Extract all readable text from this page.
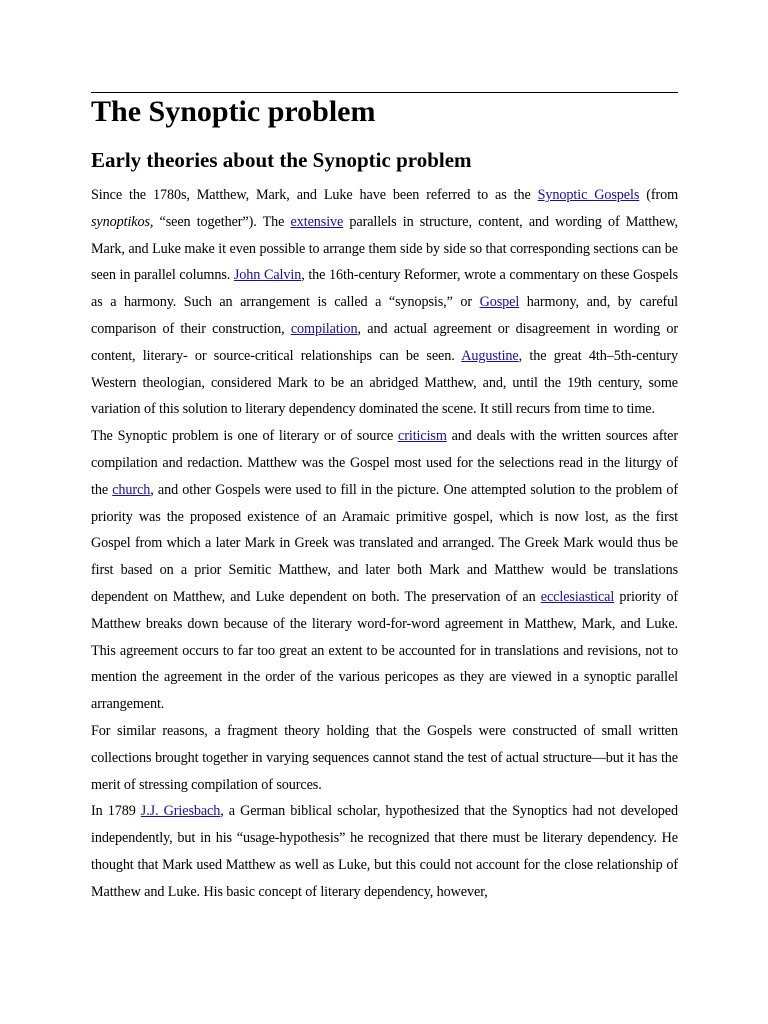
The Synoptic problem
Early theories about the Synoptic problem

Since the 1780s, Matthew, Mark, and Luke have been referred to as the Synoptic Gospels (from synoptikos, “seen together”). The extensive parallels in structure, content, and wording of Matthew, Mark, and Luke make it even possible to arrange them side by side so that corresponding sections can be seen in parallel columns. John Calvin, the 16th-century Reformer, wrote a commentary on these Gospels as a harmony. Such an arrangement is called a “synopsis,” or Gospel harmony, and, by careful comparison of their construction, compilation, and actual agreement or disagreement in wording or content, literary- or source-critical relationships can be seen. Augustine, the great 4th–5th-century Western theologian, considered Mark to be an abridged Matthew, and, until the 19th century, some variation of this solution to literary dependency dominated the scene. It still recurs from time to time.

The Synoptic problem is one of literary or of source criticism and deals with the written sources after compilation and redaction. Matthew was the Gospel most used for the selections read in the liturgy of the church, and other Gospels were used to fill in the picture. One attempted solution to the problem of priority was the proposed existence of an Aramaic primitive gospel, which is now lost, as the first Gospel from which a later Mark in Greek was translated and arranged. The Greek Mark would thus be first based on a prior Semitic Matthew, and later both Mark and Matthew would be translations dependent on Matthew, and Luke dependent on both. The preservation of an ecclesiastical priority of Matthew breaks down because of the literary word-for-word agreement in Matthew, Mark, and Luke. This agreement occurs to far too great an extent to be accounted for in translations and revisions, not to mention the agreement in the order of the various pericopes as they are viewed in a synoptic parallel arrangement.

For similar reasons, a fragment theory holding that the Gospels were constructed of small written collections brought together in varying sequences cannot stand the test of actual structure—but it has the merit of stressing compilation of sources.

In 1789 J.J. Griesbach, a German biblical scholar, hypothesized that the Synoptics had not developed independently, but in his “usage-hypothesis” he recognized that there must be literary dependency. He thought that Mark used Matthew as well as Luke, but this could not account for the close relationship of Matthew and Luke. His basic concept of literary dependency, however,
